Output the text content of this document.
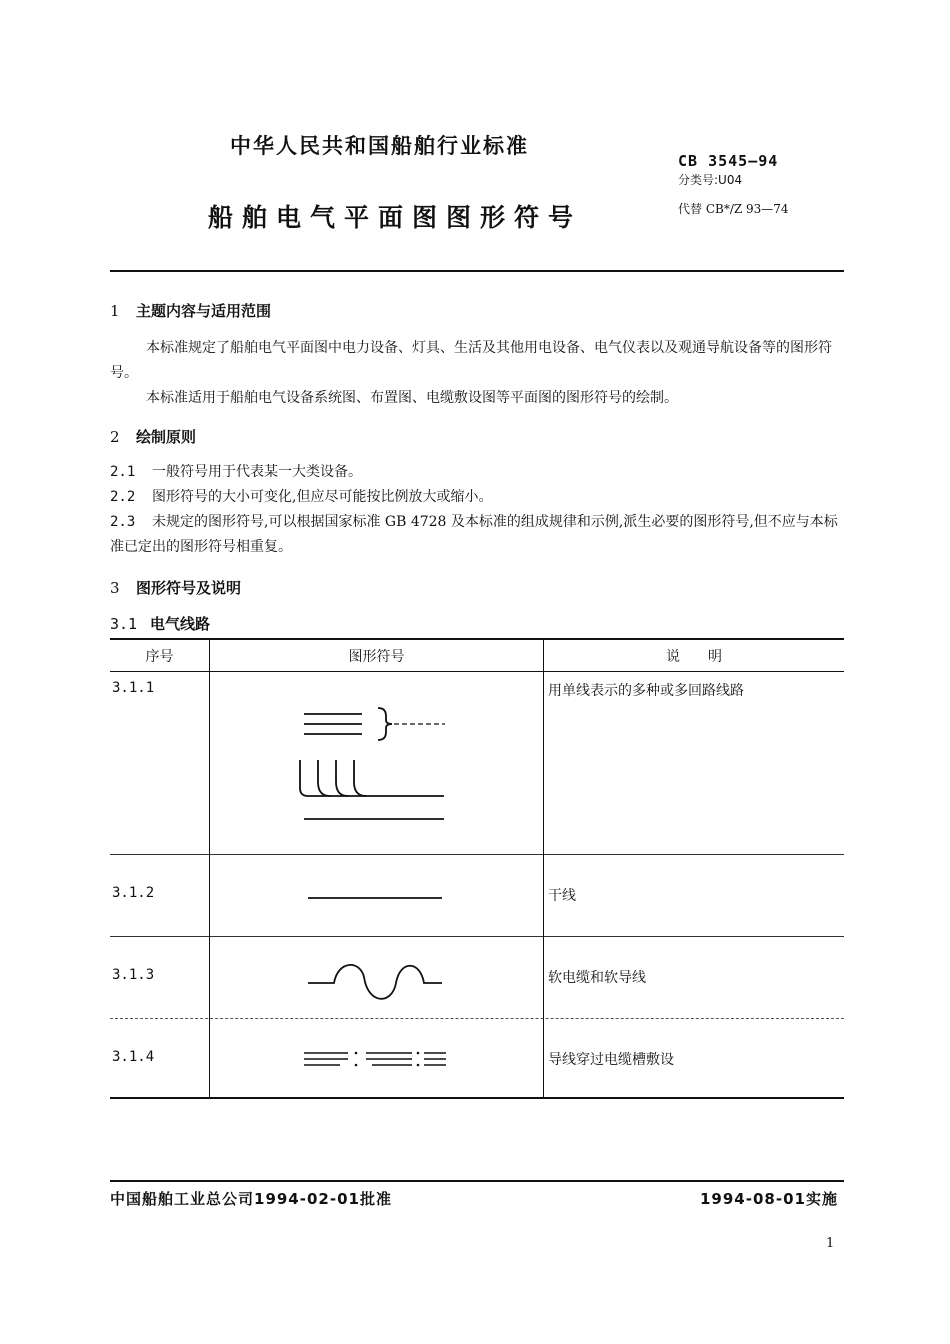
中华人民共和国船舶行业标准
船舶电气平面图图形符号
CB 3545—94
分类号:U04
代替 CB*/Z 93—74
1 主题内容与适用范围
本标准规定了船舶电气平面图中电力设备、灯具、生活及其他用电设备、电气仪表以及观通导航设备等的图形符号。
本标准适用于船舶电气设备系统图、布置图、电缆敷设图等平面图的图形符号的绘制。
2 绘制原则
2.1 一般符号用于代表某一大类设备。
2.2 图形符号的大小可变化,但应尽可能按比例放大或缩小。
2.3 未规定的图形符号,可以根据国家标准 GB 4728 及本标准的组成规律和示例,派生必要的图形符号,但不应与本标准已定出的图形符号相重复。
3 图形符号及说明
3.1 电气线路
序号	图形符号	说　　明
3.1.1	用单线表示的多种或多回路线路
3.1.2	干线
3.1.3	软电缆和软导线
3.1.4	导线穿过电缆槽敷设
中国船舶工业总公司1994-02-01批准	1994-08-01实施
1
